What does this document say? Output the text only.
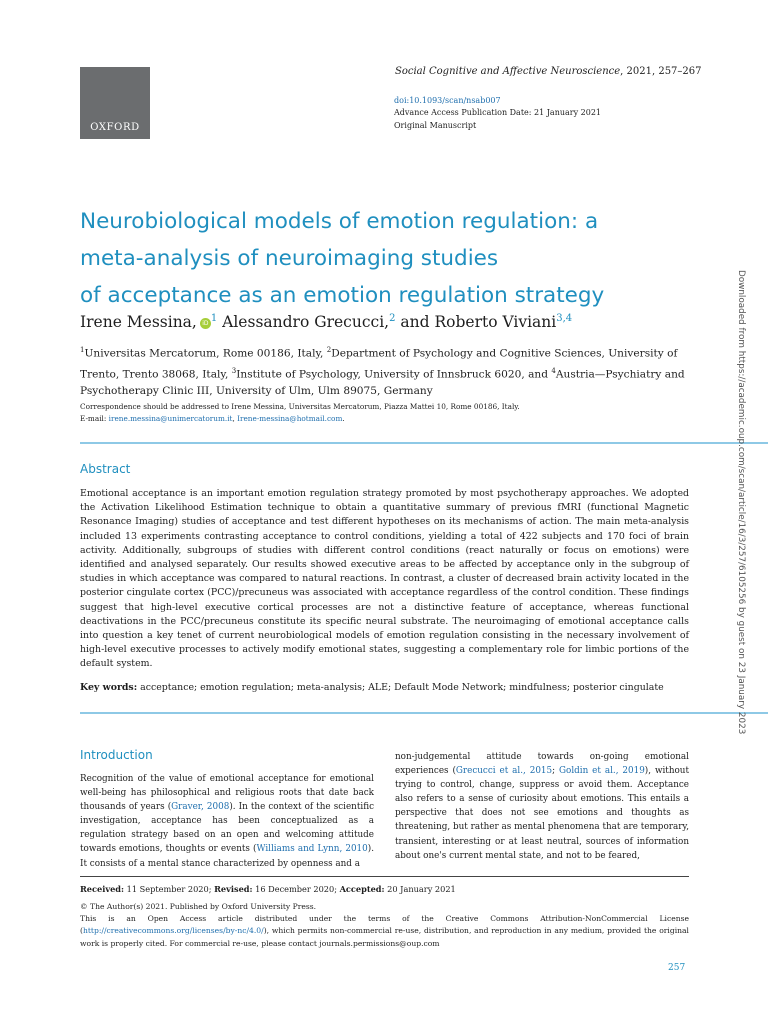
OXFORD
Social Cognitive and Affective Neuroscience, 2021, 257–267
doi:10.1093/scan/nsab007
Advance Access Publication Date: 21 January 2021
Original Manuscript
Neurobiological models of emotion regulation: a
meta-analysis of neuroimaging studies
of acceptance as an emotion regulation strategy
Irene Messina, iD $^1$ Alessandro Grecucci,$^2$ and Roberto Viviani$^{3,4}$

$^1$Universitas Mercatorum, Rome 00186, Italy, $^2$Department of Psychology and Cognitive Sciences, University of Trento, Trento 38068, Italy, $^3$Institute of Psychology, University of Innsbruck 6020, and $^4$Austria—Psychiatry and Psychotherapy Clinic III, University of Ulm, Ulm 89075, Germany

Correspondence should be addressed to Irene Messina, Universitas Mercatorum, Piazza Mattei 10, Rome 00186, Italy.
E-mail: irene.messina@unimercatorum.it, Irene-messina@hotmail.com.

Abstract

Emotional acceptance is an important emotion regulation strategy promoted by most psychotherapy approaches. We adopted the Activation Likelihood Estimation technique to obtain a quantitative summary of previous fMRI (functional Magnetic Resonance Imaging) studies of acceptance and test different hypotheses on its mechanisms of action. The main meta-analysis included 13 experiments contrasting acceptance to control conditions, yielding a total of 422 subjects and 170 foci of brain activity. Additionally, subgroups of studies with different control conditions (react naturally or focus on emotions) were identified and analysed separately. Our results showed executive areas to be affected by acceptance only in the subgroup of studies in which acceptance was compared to natural reactions. In contrast, a cluster of decreased brain activity located in the posterior cingulate cortex (PCC)/precuneus was associated with acceptance regardless of the control condition. These findings suggest that high-level executive cortical processes are not a distinctive feature of acceptance, whereas functional deactivations in the PCC/precuneus constitute its specific neural substrate. The neuroimaging of emotional acceptance calls into question a key tenet of current neurobiological models of emotion regulation consisting in the necessary involvement of high-level executive processes to actively modify emotional states, suggesting a complementary role for limbic portions of the default system.

Key words: acceptance; emotion regulation; meta-analysis; ALE; Default Mode Network; mindfulness; posterior cingulate

Introduction

Recognition of the value of emotional acceptance for emotional well-being has philosophical and religious roots that date back thousands of years (Graver, 2008). In the context of the scientific investigation, acceptance has been conceptualized as a regulation strategy based on an open and welcoming attitude towards emotions, thoughts or events (Williams and Lynn, 2010). It consists of a mental stance characterized by openness and a

non-judgemental attitude towards on-going emotional experiences (Grecucci et al., 2015; Goldin et al., 2019), without trying to control, change, suppress or avoid them. Acceptance also refers to a sense of curiosity about emotions. This entails a perspective that does not see emotions and thoughts as threatening, but rather as mental phenomena that are temporary, transient, interesting or at least neutral, sources of information about one's current mental state, and not to be feared,

Received: 11 September 2020; Revised: 16 December 2020; Accepted: 20 January 2021

© The Author(s) 2021. Published by Oxford University Press.
This is an Open Access article distributed under the terms of the Creative Commons Attribution-NonCommercial License (http://creativecommons.org/licenses/by-nc/4.0/), which permits non-commercial re-use, distribution, and reproduction in any medium, provided the original work is properly cited. For commercial re-use, please contact journals.permissions@oup.com

257
Downloaded from https://academic.oup.com/scan/article/16/3/257/6105256 by guest on 23 January 2023
